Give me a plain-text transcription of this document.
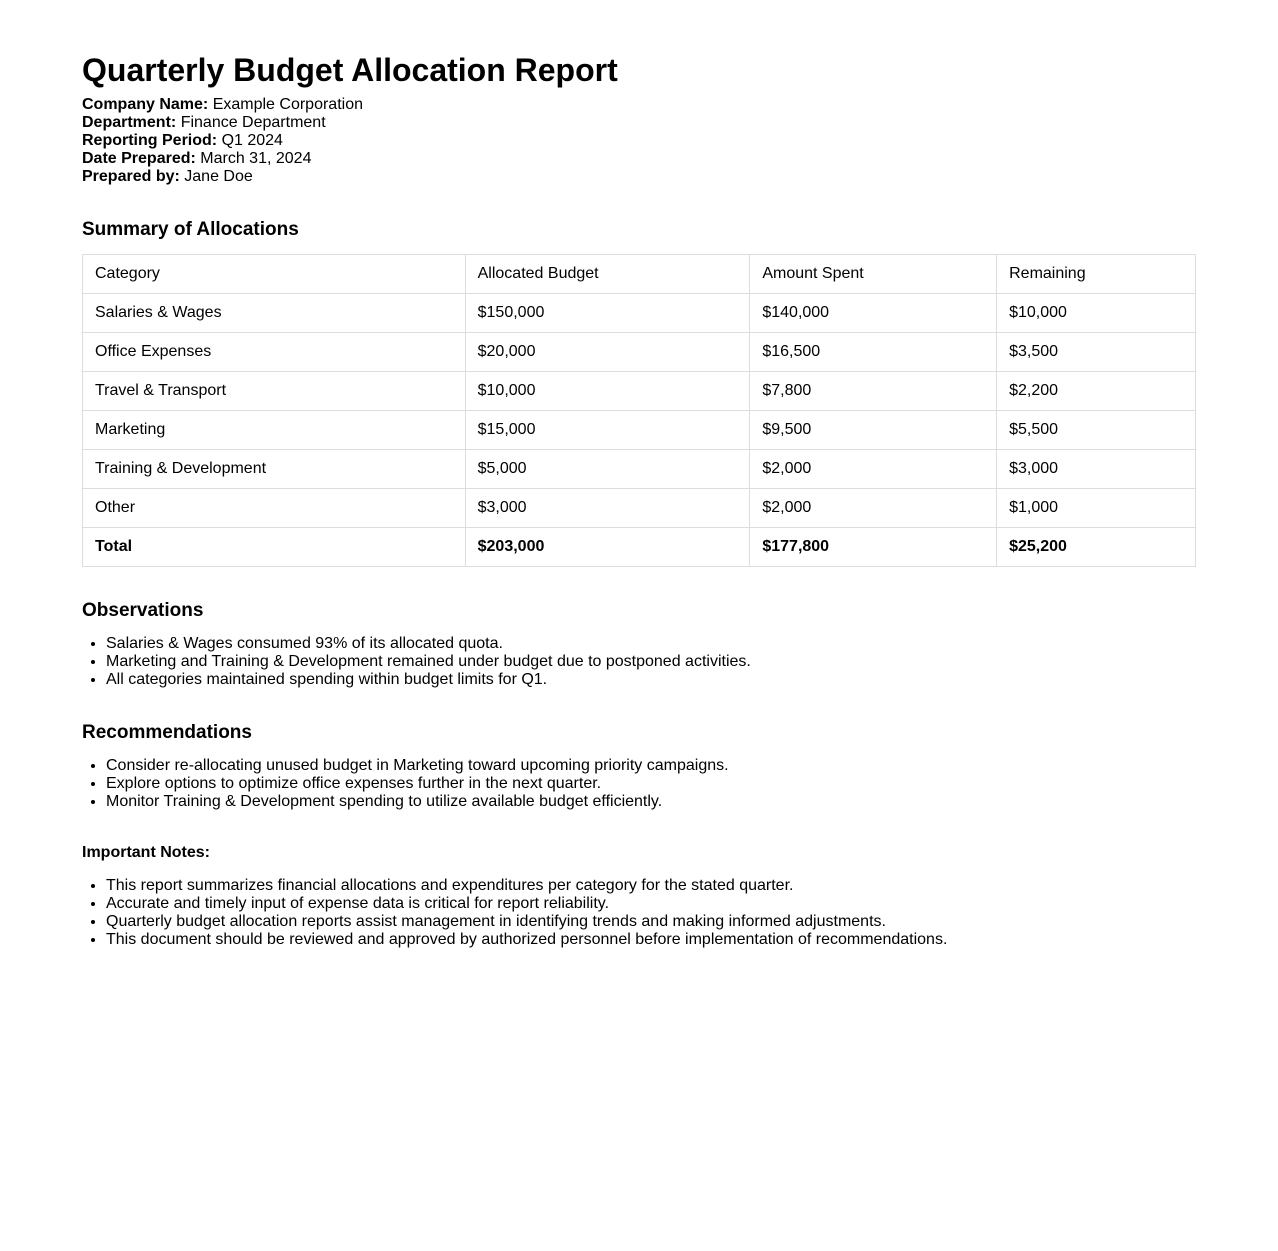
Quarterly Budget Allocation Report
Company Name: Example Corporation
Department: Finance Department
Reporting Period: Q1 2024
Date Prepared: March 31, 2024
Prepared by: Jane Doe
Summary of Allocations
Category	Allocated Budget	Amount Spent	Remaining
Salaries & Wages	$150,000	$140,000	$10,000
Office Expenses	$20,000	$16,500	$3,500
Travel & Transport	$10,000	$7,800	$2,200
Marketing	$15,000	$9,500	$5,500
Training & Development	$5,000	$2,000	$3,000
Other	$3,000	$2,000	$1,000
Total	$203,000	$177,800	$25,200
Observations
• Salaries & Wages consumed 93% of its allocated quota.
• Marketing and Training & Development remained under budget due to postponed activities.
• All categories maintained spending within budget limits for Q1.
Recommendations
• Consider re-allocating unused budget in Marketing toward upcoming priority campaigns.
• Explore options to optimize office expenses further in the next quarter.
• Monitor Training & Development spending to utilize available budget efficiently.
Important Notes:
• This report summarizes financial allocations and expenditures per category for the stated quarter.
• Accurate and timely input of expense data is critical for report reliability.
• Quarterly budget allocation reports assist management in identifying trends and making informed adjustments.
• This document should be reviewed and approved by authorized personnel before implementation of recommendations.
